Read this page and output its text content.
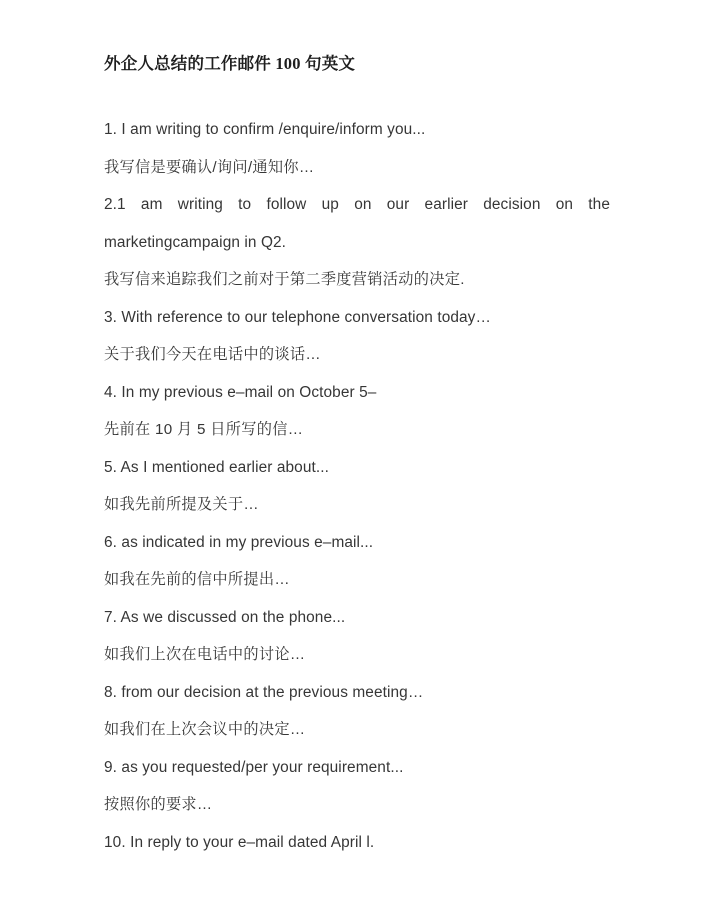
外企人总结的工作邮件 100 句英文

1. I am writing to confirm /enquire/inform you...

我写信是要确认/询问/通知你…

2.1 am writing to follow up on our earlier decision on the
marketingcampaign in Q2.

我写信来追踪我们之前对于第二季度营销活动的决定.

3. With reference to our telephone conversation today…

关于我们今天在电话中的谈话…

4. In my previous e–mail on October 5–

先前在 10 月 5 日所写的信…

5. As I mentioned earlier about...

如我先前所提及关于…

6. as indicated in my previous e–mail...

如我在先前的信中所提出…

7. As we discussed on the phone...

如我们上次在电话中的讨论…

8. from our decision at the previous meeting…

如我们在上次会议中的决定…

9. as you requested/per your requirement...

按照你的要求…

10. In reply to your e–mail dated April l.
